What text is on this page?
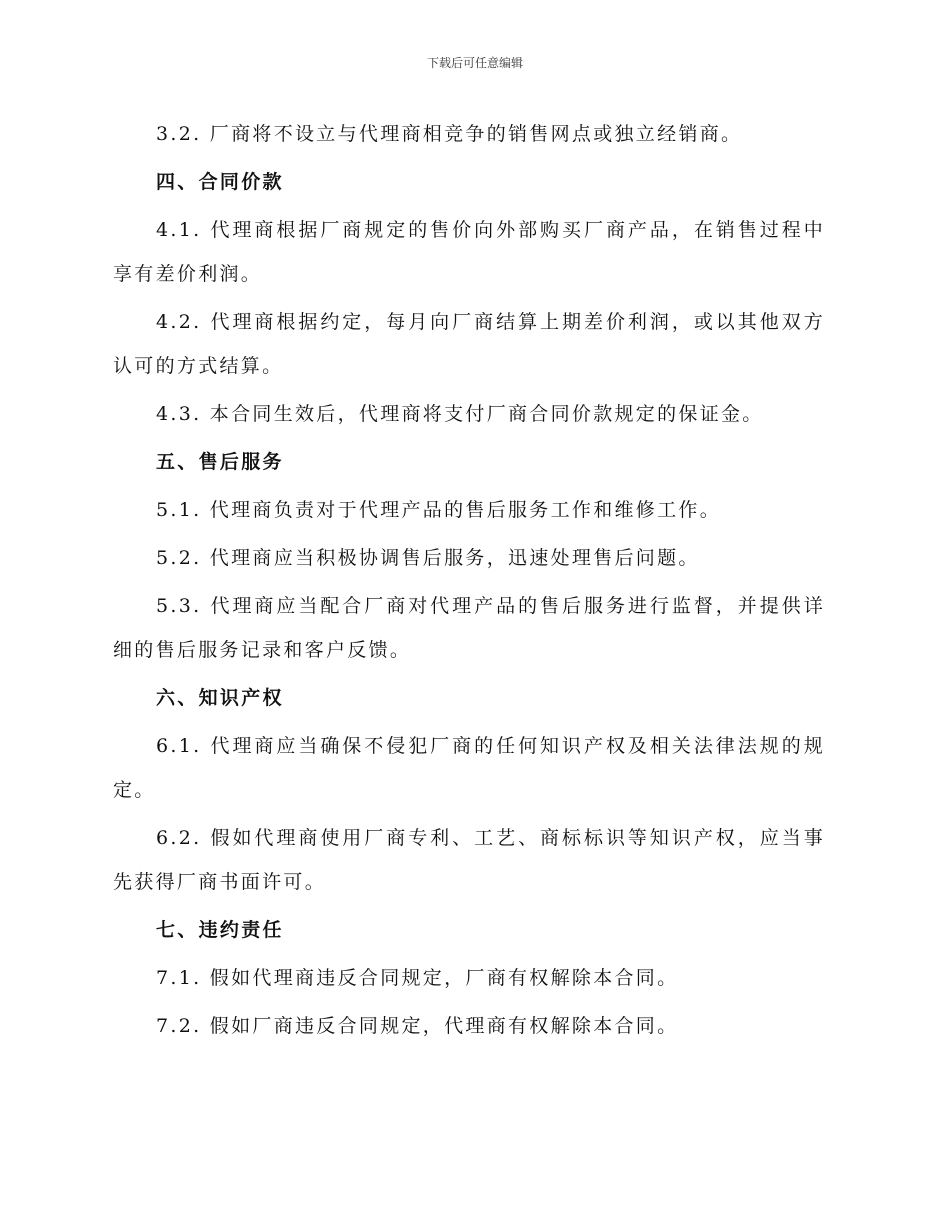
下载后可任意编辑

3.2. 厂商将不设立与代理商相竞争的销售网点或独立经销商。

四、合同价款

4.1. 代理商根据厂商规定的售价向外部购买厂商产品，在销售过程中享有差价利润。

4.2. 代理商根据约定，每月向厂商结算上期差价利润，或以其他双方认可的方式结算。

4.3. 本合同生效后，代理商将支付厂商合同价款规定的保证金。

五、售后服务

5.1. 代理商负责对于代理产品的售后服务工作和维修工作。

5.2. 代理商应当积极协调售后服务，迅速处理售后问题。

5.3. 代理商应当配合厂商对代理产品的售后服务进行监督，并提供详细的售后服务记录和客户反馈。

六、知识产权

6.1. 代理商应当确保不侵犯厂商的任何知识产权及相关法律法规的规定。

6.2. 假如代理商使用厂商专利、工艺、商标标识等知识产权，应当事先获得厂商书面许可。

七、违约责任

7.1. 假如代理商违反合同规定，厂商有权解除本合同。

7.2. 假如厂商违反合同规定，代理商有权解除本合同。
